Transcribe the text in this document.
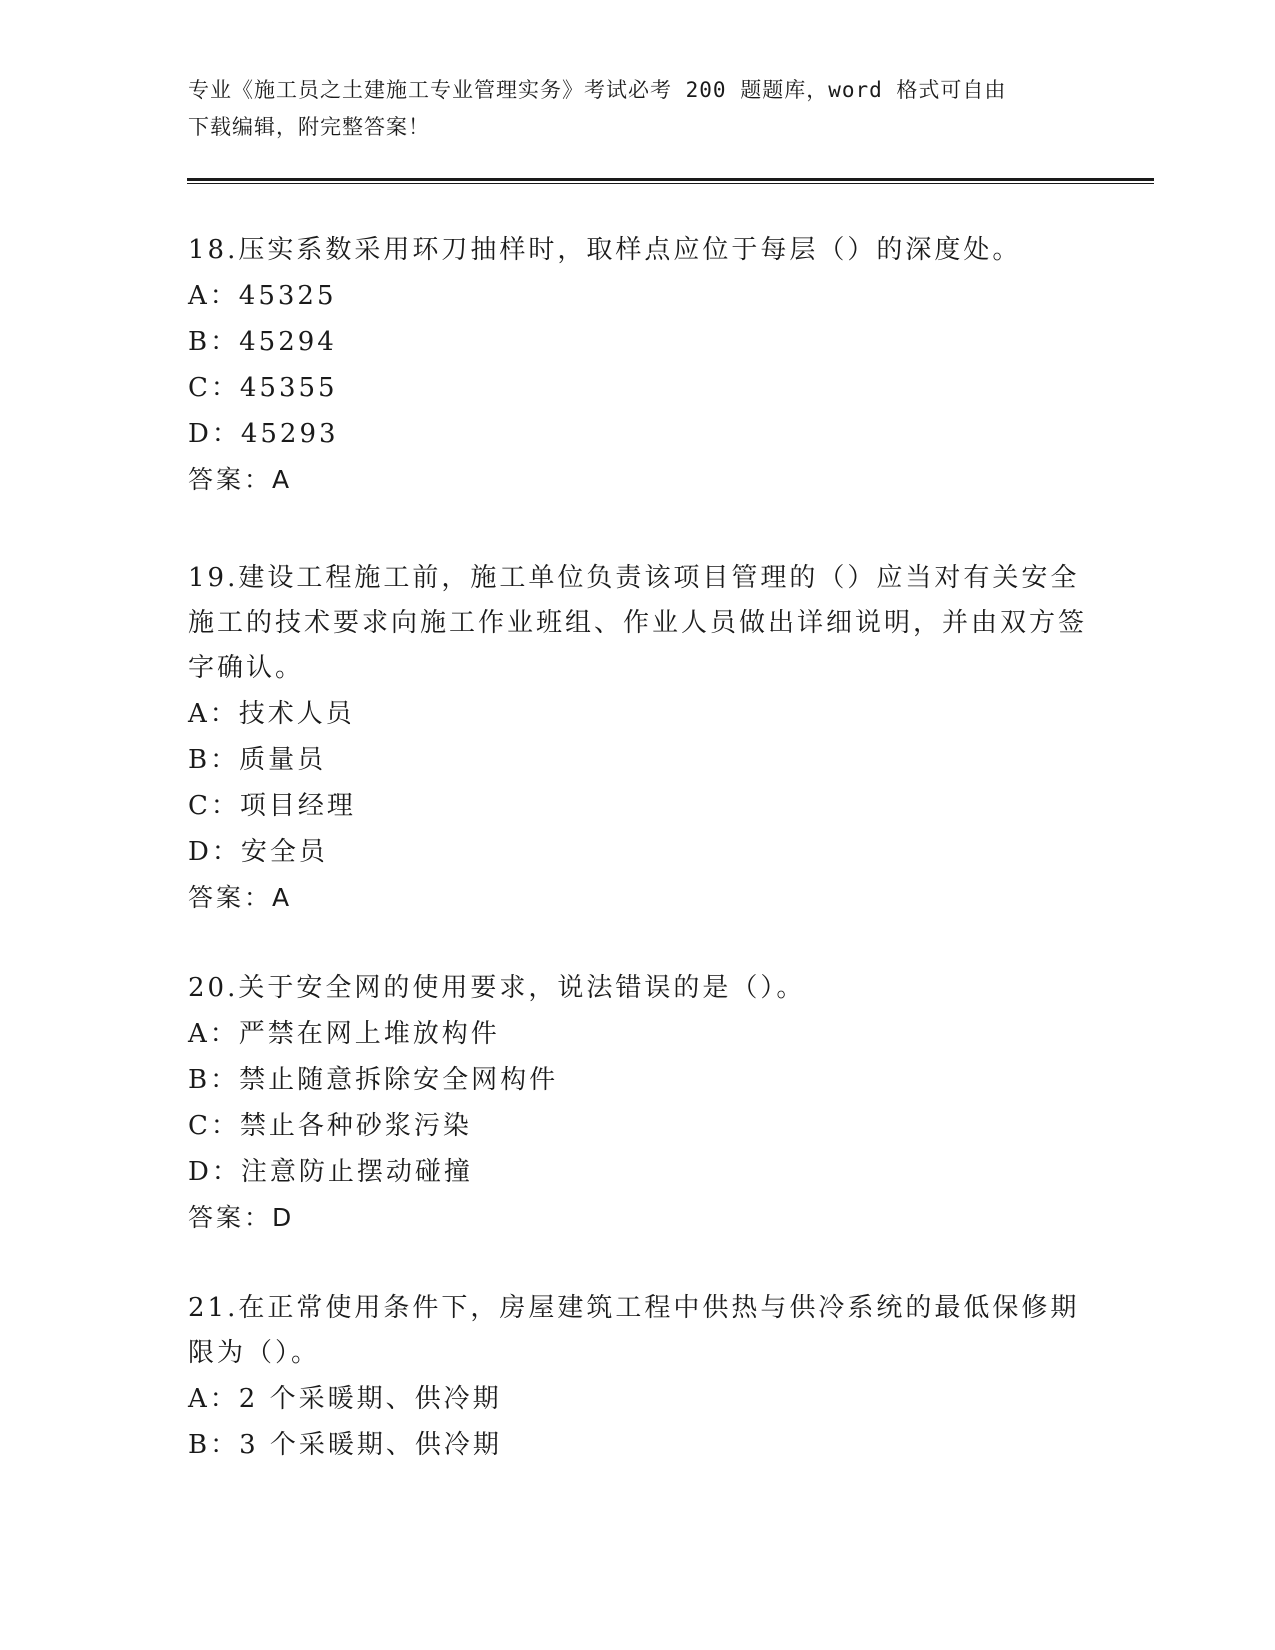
专业《施工员之土建施工专业管理实务》考试必考 200 题题库，word 格式可自由
下载编辑，附完整答案！
18.压实系数采用环刀抽样时，取样点应位于每层（）的深度处。
A：45325
B：45294
C：45355
D：45293
答案：A
19.建设工程施工前，施工单位负责该项目管理的（）应当对有关安全施工的技术要求向施工作业班组、作业人员做出详细说明，并由双方签字确认。
A：技术人员
B：质量员
C：项目经理
D：安全员
答案：A
20.关于安全网的使用要求，说法错误的是（）。
A：严禁在网上堆放构件
B：禁止随意拆除安全网构件
C：禁止各种砂浆污染
D：注意防止摆动碰撞
答案：D
21.在正常使用条件下，房屋建筑工程中供热与供冷系统的最低保修期限为（）。
A：2 个采暖期、供冷期
B：3 个采暖期、供冷期
